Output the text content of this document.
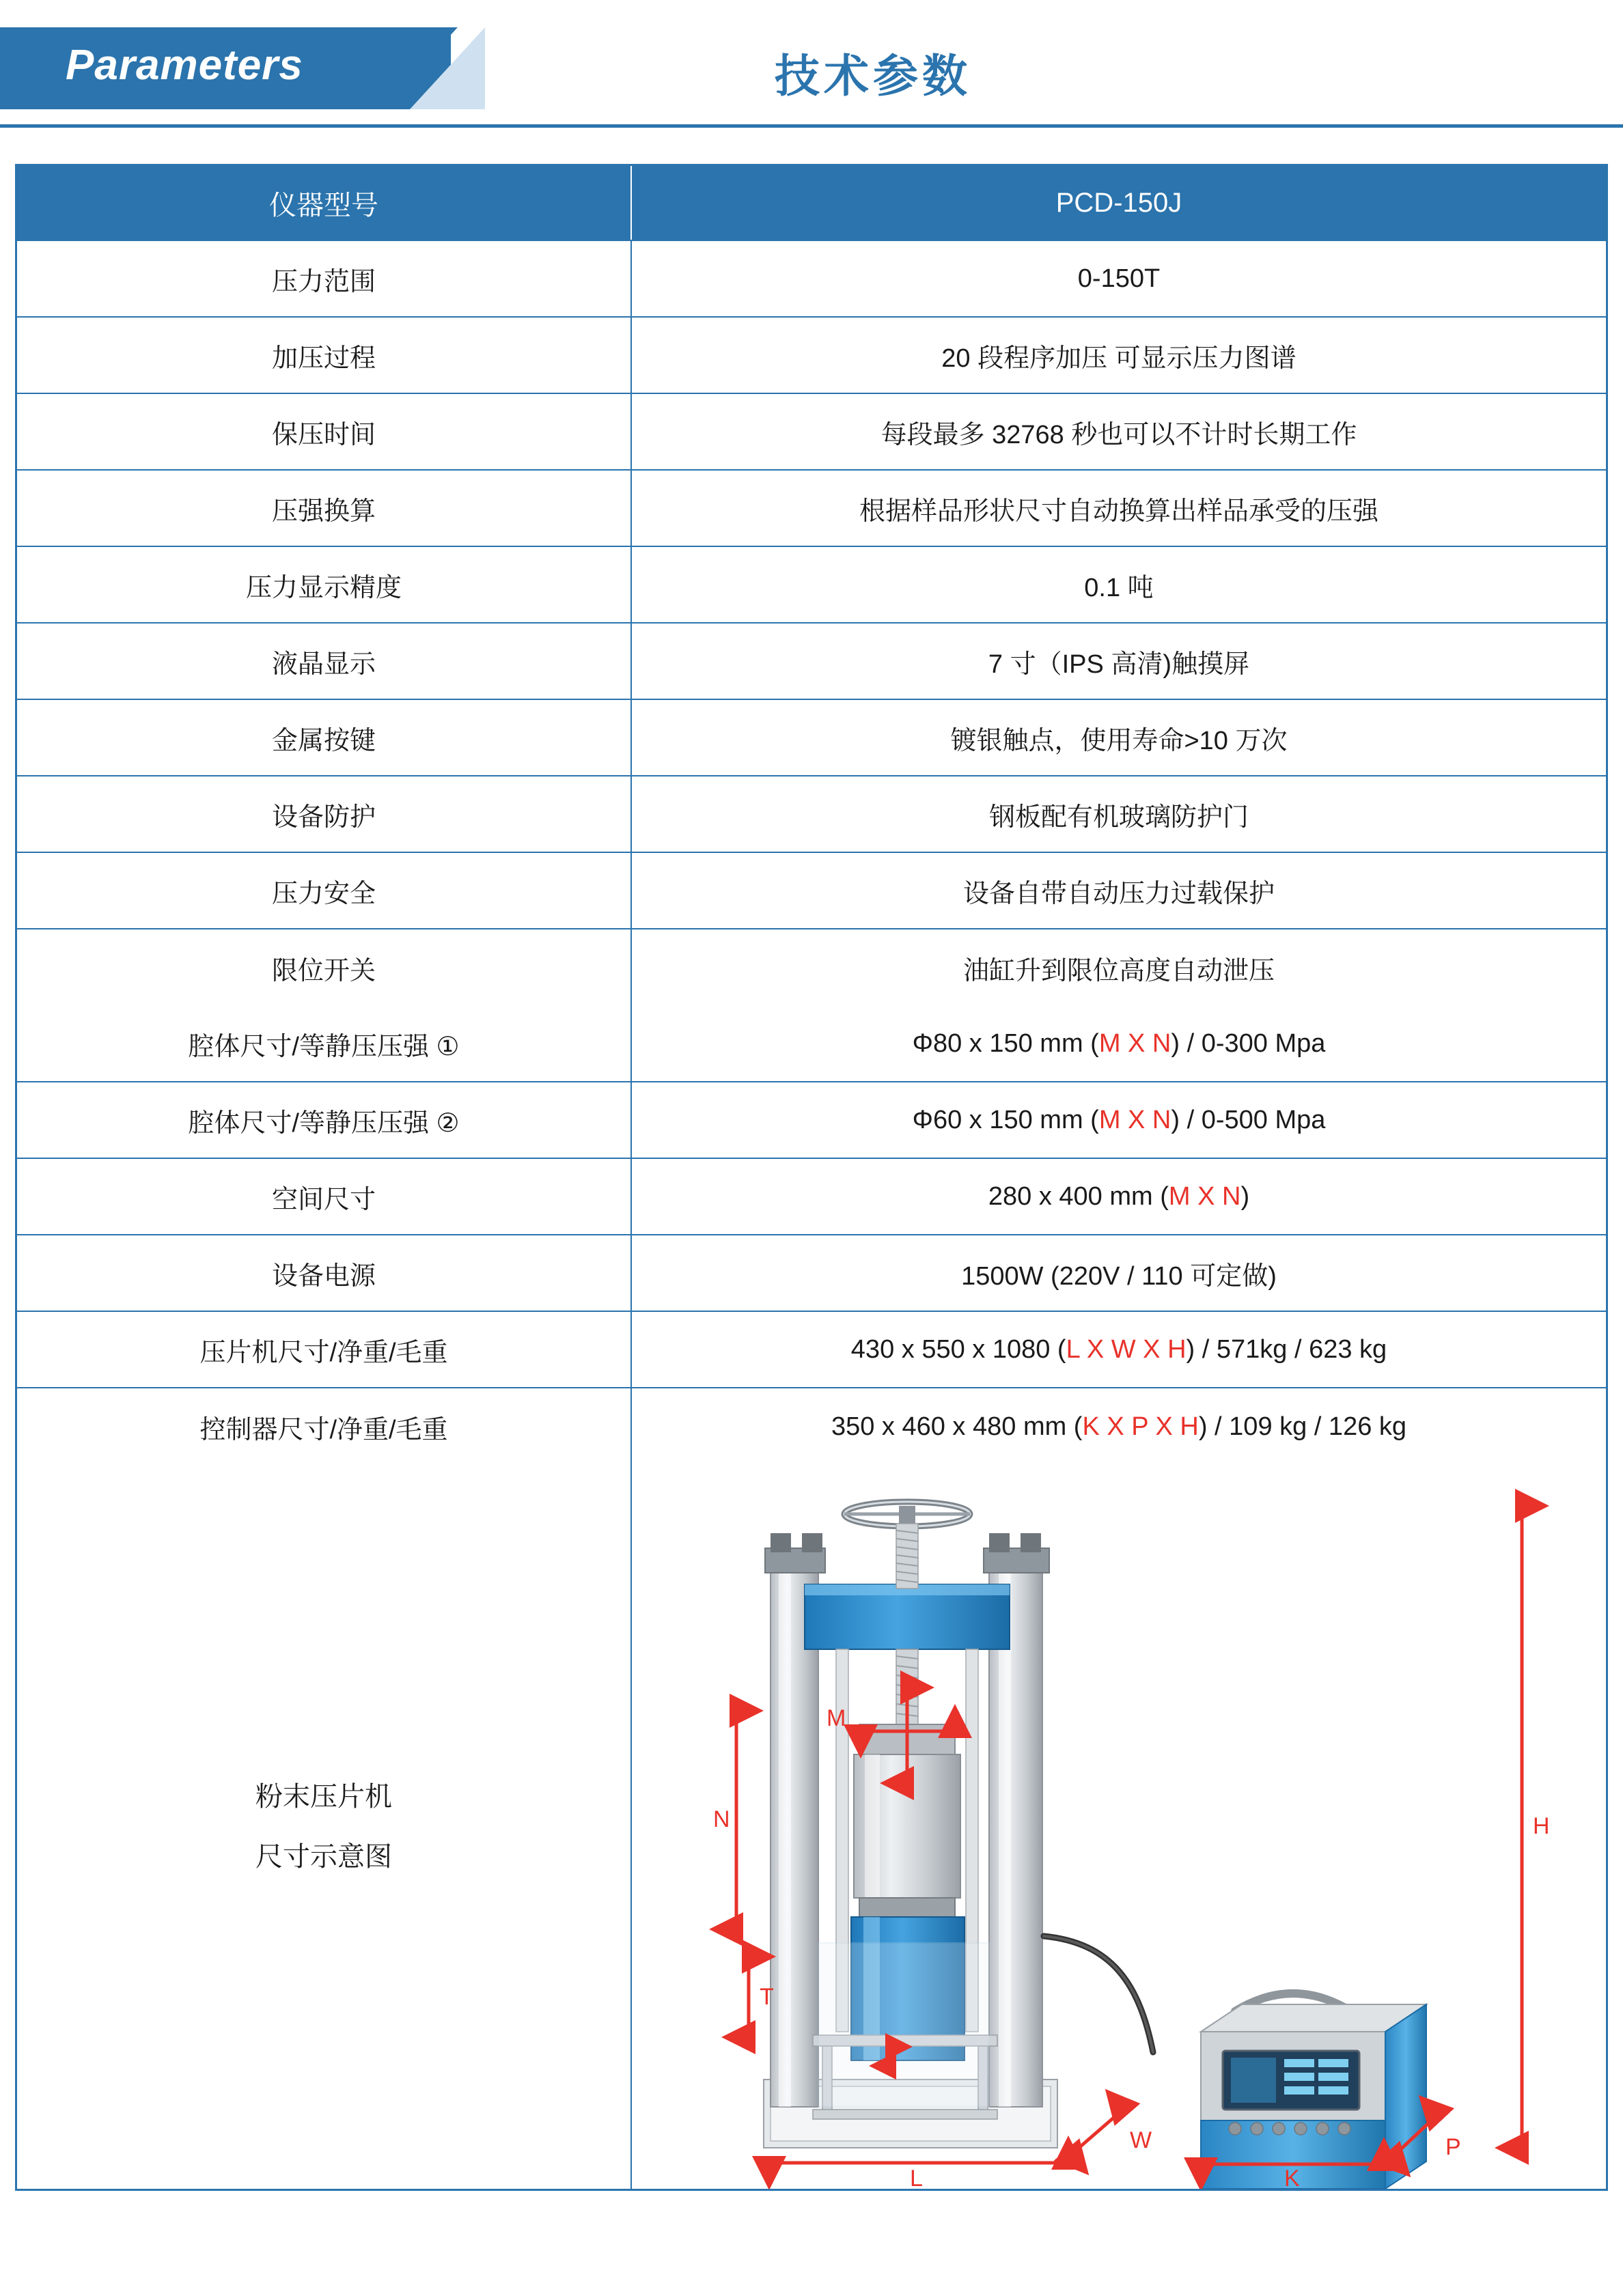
Parameters	技术参数
仪器型号	PCD-150J
压力范围	0-150T
加压过程	20 段程序加压 可显示压力图谱
保压时间	每段最多 32768 秒也可以不计时长期工作
压强换算	根据样品形状尺寸自动换算出样品承受的压强
压力显示精度	0.1 吨
液晶显示	7 寸（IPS 高清)触摸屏
金属按键	镀银触点，使用寿命>10 万次
设备防护	钢板配有机玻璃防护门
压力安全	设备自带自动压力过载保护
限位开关	油缸升到限位高度自动泄压
腔体尺寸/等静压压强 ①	Φ80 x 150 mm ( M X N ) / 0-300 Mpa
腔体尺寸/等静压压强 ②	Φ60 x 150 mm ( M X N ) / 0-500 Mpa
空间尺寸	280 x 400 mm ( M X N )
设备电源	1500W (220V / 110 可定做)
压片机尺寸/净重/毛重	430 x 550 x 1080 ( L X W X H ) / 571kg / 623 kg
控制器尺寸/净重/毛重	350 x 460 x 480 mm ( K X P X H ) / 109 kg / 126 kg
粉末压片机
尺寸示意图
N
T
M
H
L
W
K
P
